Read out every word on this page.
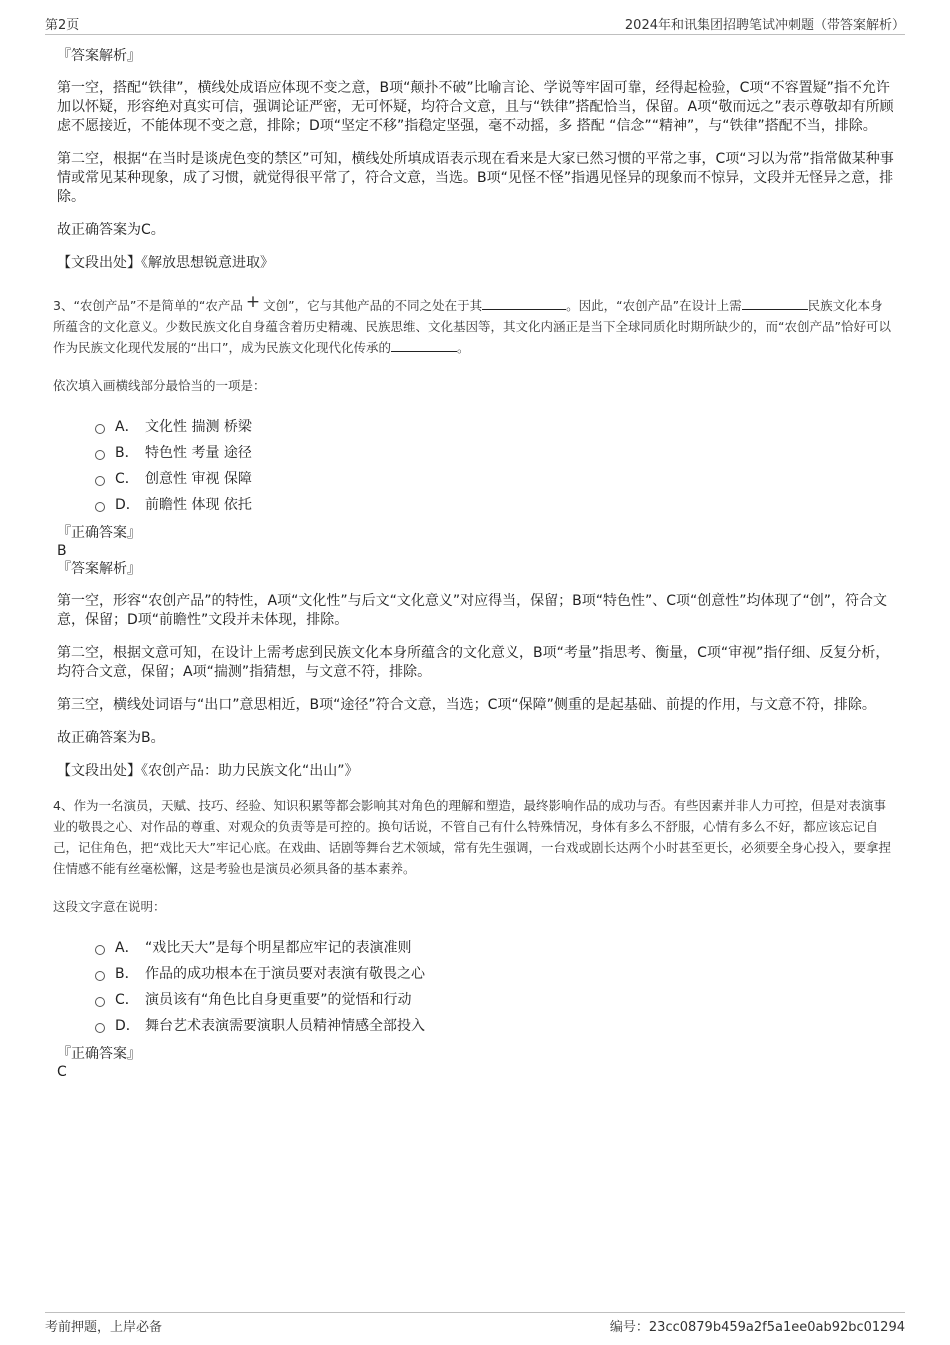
第2页	2024年和讯集团招聘笔试冲刺题（带答案解析）

『答案解析』

第一空，搭配“铁律”，横线处成语应体现不变之意，B项“颠扑不破”比喻言论、学说等牢固可靠，经得起检验，C项“不容置疑”指不允许加以怀疑，形容绝对真实可信，强调论证严密，无可怀疑，均符合文意，且与“铁律”搭配恰当，保留。A项“敬而远之”表示尊敬却有所顾虑不愿接近，不能体现不变之意，排除；D项“坚定不移”指稳定坚强，毫不动摇，多 搭配 “信念”“精神”，与“铁律”搭配不当，排除。

第二空，根据“在当时是谈虎色变的禁区”可知，横线处所填成语表示现在看来是大家已然习惯的平常之事，C项“习以为常”指常做某种事情或常见某种现象，成了习惯，就觉得很平常了，符合文意，当选。B项“见怪不怪”指遇见怪异的现象而不惊异，文段并无怪异之意，排除。

故正确答案为C。

【文段出处】《解放思想锐意进取》

3、“农创产品”不是简单的“农产品 + 文创”，它与其他产品的不同之处在于其	。因此，“农创产品”在设计上需	民族文化本身所蕴含的文化意义。少数民族文化自身蕴含着历史精魂、民族思维、文化基因等，其文化内涵正是当下全球同质化时期所缺少的，而“农创产品”恰好可以作为民族文化现代发展的“出口”，成为民族文化现代化传承的	。

依次填入画横线部分最恰当的一项是：

A． 文化性 揣测 桥梁
B． 特色性 考量 途径
C． 创意性 审视 保障
D． 前瞻性 体现 依托

『正确答案』

B

『答案解析』

第一空，形容“农创产品”的特性，A项“文化性”与后文“文化意义”对应得当，保留；B项“特色性”、C项“创意性”均体现了“创”，符合文意，保留；D项“前瞻性”文段并未体现，排除。

第二空，根据文意可知，在设计上需考虑到民族文化本身所蕴含的文化意义，B项“考量”指思考、衡量，C项“审视”指仔细、反复分析，均符合文意，保留；A项“揣测”指猜想，与文意不符，排除。

第三空，横线处词语与“出口”意思相近，B项“途径”符合文意，当选；C项“保障”侧重的是起基础、前提的作用，与文意不符，排除。

故正确答案为B。

【文段出处】《农创产品：助力民族文化“出山”》

4、作为一名演员，天赋、技巧、经验、知识积累等都会影响其对角色的理解和塑造，最终影响作品的成功与否。有些因素并非人力可控，但是对表演事业的敬畏之心、对作品的尊重、对观众的负责等是可控的。换句话说，不管自己有什么特殊情况，身体有多么不舒服，心情有多么不好，都应该忘记自己，记住角色，把“戏比天大”牢记心底。在戏曲、话剧等舞台艺术领域，常有先生强调，一台戏或剧长达两个小时甚至更长，必须要全身心投入，要拿捏住情感不能有丝毫松懈，这是考验也是演员必须具备的基本素养。

这段文字意在说明：

A． “戏比天大”是每个明星都应牢记的表演准则
B． 作品的成功根本在于演员要对表演有敬畏之心
C． 演员该有“角色比自身更重要”的觉悟和行动
D． 舞台艺术表演需要演职人员精神情感全部投入

『正确答案』

C

考前押题，上岸必备	编号：23cc0879b459a2f5a1ee0ab92bc01294
